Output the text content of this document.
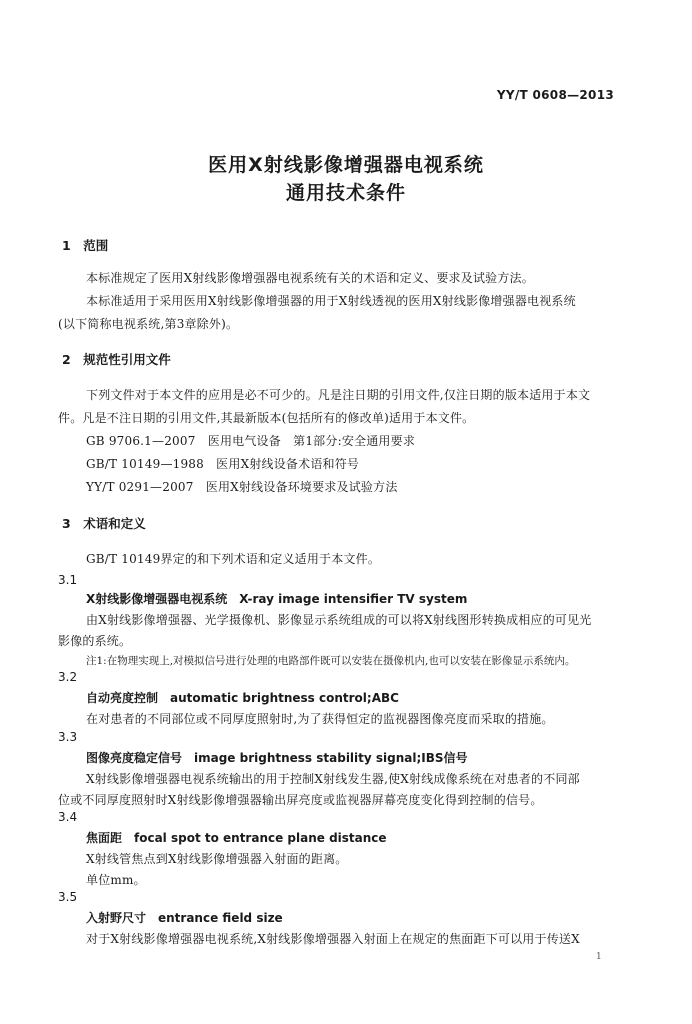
YY/T 0608—2013
医用X射线影像增强器电视系统
通用技术条件
1　范围
本标准规定了医用X射线影像增强器电视系统有关的术语和定义、要求及试验方法。
本标准适用于采用医用X射线影像增强器的用于X射线透视的医用X射线影像增强器电视系统
(以下简称电视系统,第3章除外)。
2　规范性引用文件
下列文件对于本文件的应用是必不可少的。凡是注日期的引用文件,仅注日期的版本适用于本文
件。凡是不注日期的引用文件,其最新版本(包括所有的修改单)适用于本文件。
GB 9706.1—2007　医用电气设备　第1部分:安全通用要求
GB/T 10149—1988　医用X射线设备术语和符号
YY/T 0291—2007　医用X射线设备环境要求及试验方法
3　术语和定义
GB/T 10149界定的和下列术语和定义适用于本文件。
3.1
X射线影像增强器电视系统　X-ray image intensifier TV system
由X射线影像增强器、光学摄像机、影像显示系统组成的可以将X射线图形转换成相应的可见光
影像的系统。
注1:在物理实现上,对模拟信号进行处理的电路部件既可以安装在摄像机内,也可以安装在影像显示系统内。
3.2
自动亮度控制　automatic brightness control;ABC
在对患者的不同部位或不同厚度照射时,为了获得恒定的监视器图像亮度而采取的措施。
3.3
图像亮度稳定信号　image brightness stability signal;IBS信号
X射线影像增强器电视系统输出的用于控制X射线发生器,使X射线成像系统在对患者的不同部
位或不同厚度照射时X射线影像增强器输出屏亮度或监视器屏幕亮度变化得到控制的信号。
3.4
焦面距　focal spot to entrance plane distance
X射线管焦点到X射线影像增强器入射面的距离。
单位mm。
3.5
入射野尺寸　entrance field size
对于X射线影像增强器电视系统,X射线影像增强器入射面上在规定的焦面距下可以用于传送X
1
